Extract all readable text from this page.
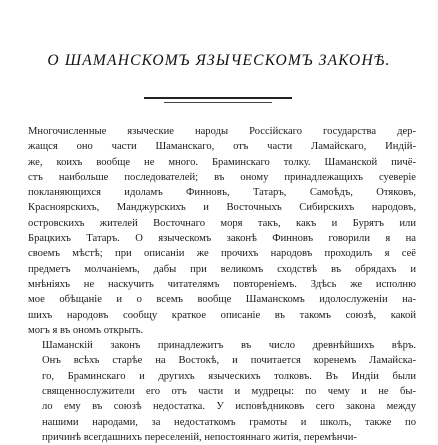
О ШАМАНСКОМЪ ЯЗЫЧЕСКОМЪ ЗАКОНѢ.

Многочисленные языческие народы Россійскаго государства дер-
жащся оно части Шаманскаго, отъ части Ламайскаго, Индій-
же, коихъ вообще не много. Браминскаго толку. Шаманской пичё-
стъ наибольше последователей; въ оному принадлежащихъ суеверіе
покланяющихся идоламъ Финновъ, Татаръ, Самоѣдъ, Отяковъ,
Красноярскихъ, Манджурскихъ и Восточныхъ Сибирскихъ народовъ,
островскихъ жителей Восточнаго моря такъ, какъ и Бурятъ или
Брацкихъ Татаръ. О языческомъ законѣ Финновъ говорили я на
своемъ мѣстѣ; при описаніи же прочихъ народовъ проходилъ я сеё
предметъ молчаніемъ, дабы при великомъ сходствѣ въ обрядахъ и
мнѣніяхъ не наскучить читателямъ повтореніемъ. Здѣсь же исполню
мое обѣщаніе и о всемъ вообще Шаманскомъ идолослуженіи на-
шихъ народовъ сообщу краткое описаніе въ такомъ союзѣ, какой
могъ я въ ономъ открыть.

Шаманскій законъ принадлежитъ въ число древнѣйшихъ вѣръ.
Онъ всѣхъ старѣе на Востокѣ, и почитается коренемъ Ламайска-
го, Браминскаго и другихъ языческихъ толковъ. Въ Индіи были
священнослужители его отъ части и мудрецы: по чему и не бы-
ло ему въ союзѣ недостатка. У исповѣдниковъ сего закона между
нашими народами, за недостаткомъ грамоты и школъ, также по
причинѣ всегдашнихъ переселеній, непостояннаго житія, перемѣнчи-
